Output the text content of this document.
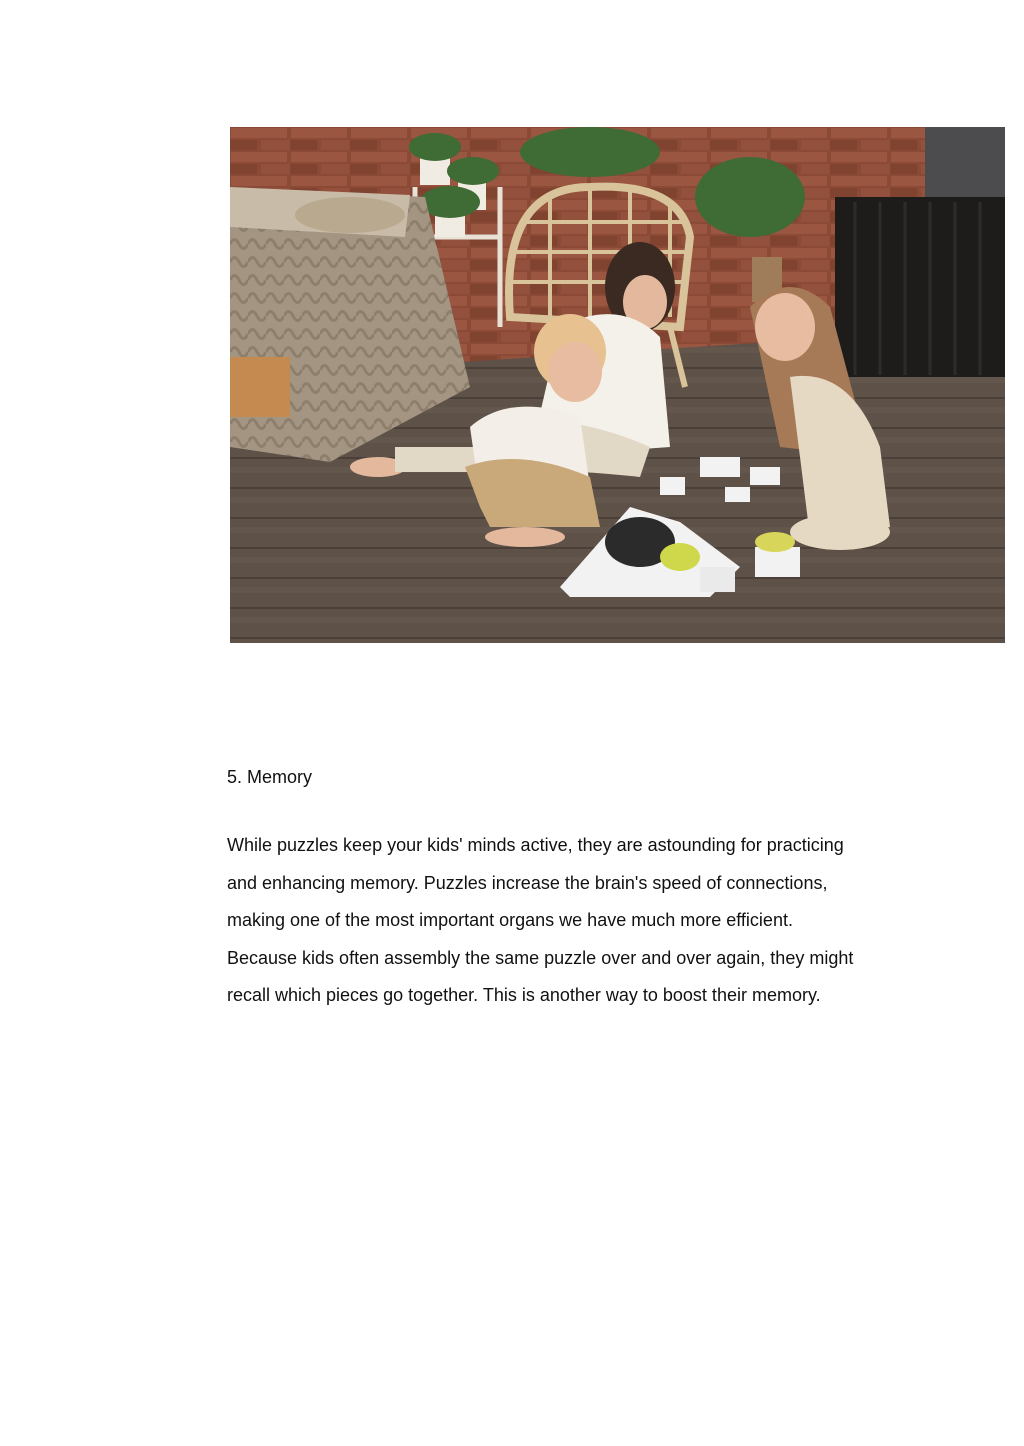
5. Memory

While puzzles keep your kids' minds active, they are astounding for practicing
and enhancing memory. Puzzles increase the brain's speed of connections,
making one of the most important organs we have much more efficient.
Because kids often assembly the same puzzle over and over again, they might
recall which pieces go together. This is another way to boost their memory.
